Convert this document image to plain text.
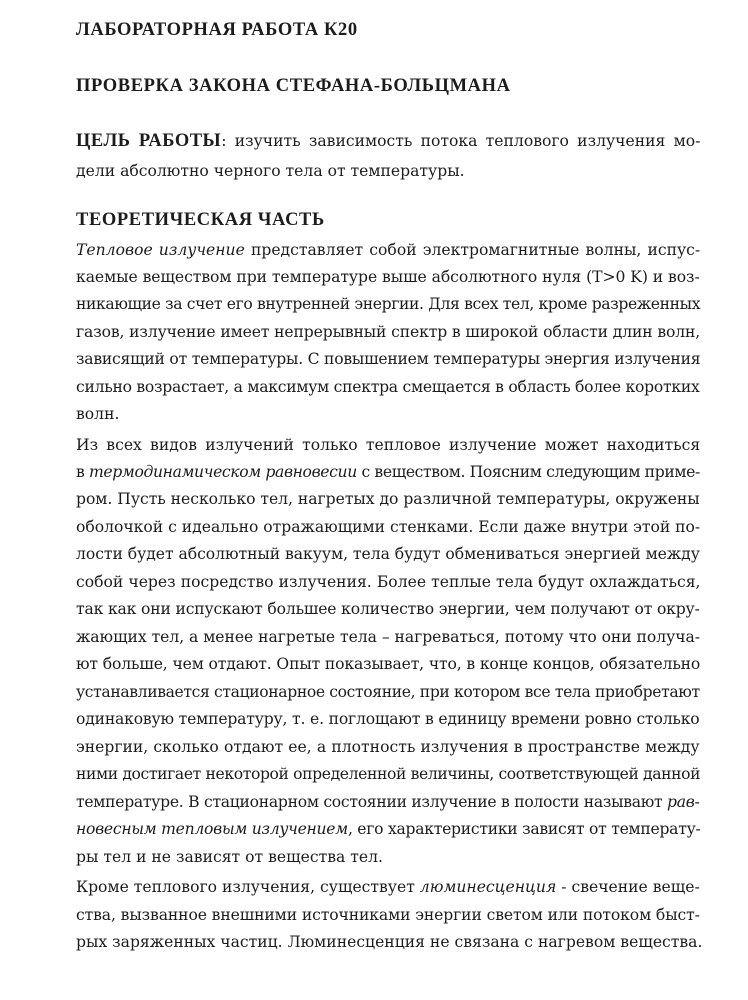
ЛАБОРАТОРНАЯ РАБОТА К20
ПРОВЕРКА ЗАКОНА СТЕФАНА-БОЛЬЦМАНА

ЦЕЛЬ РАБОТЫ: изучить зависимость потока теплового излучения мо-

дели абсолютно черного тела от температуры.

ТЕОРЕТИЧЕСКАЯ ЧАСТЬ

Тепловое излучение представляет собой электромагнитные волны, испус-

каемые веществом при температуре выше абсолютного нуля (T>0 K) и воз-

никающие за счет его внутренней энергии. Для всех тел, кроме разреженных

газов, излучение имеет непрерывный спектр в широкой области длин волн,

зависящий от температуры. С повышением температуры энергия излучения

сильно возрастает, а максимум спектра смещается в область более коротких

волн.

Из всех видов излучений только тепловое излучение может находиться

в термодинамическом равновесии с веществом. Поясним следующим приме-

ром. Пусть несколько тел, нагретых до различной температуры, окружены

оболочкой с идеально отражающими стенками. Если даже внутри этой по-

лости будет абсолютный вакуум, тела будут обмениваться энергией между

собой через посредство излучения. Более теплые тела будут охлаждаться,

так как они испускают большее количество энергии, чем получают от окру-

жающих тел, а менее нагретые тела – нагреваться, потому что они получа-

ют больше, чем отдают. Опыт показывает, что, в конце концов, обязательно

устанавливается стационарное состояние, при котором все тела приобретают

одинаковую температуру, т. е. поглощают в единицу времени ровно столько

энергии, сколько отдают ее, а плотность излучения в пространстве между

ними достигает некоторой определенной величины, соответствующей данной

температуре. В стационарном состоянии излучение в полости называют рав-

новесным тепловым излучением, его характеристики зависят от температу-

ры тел и не зависят от вещества тел.

Кроме теплового излучения, существует люминесценция - свечение веще-

ства, вызванное внешними источниками энергии светом или потоком быст-

рых заряженных частиц. Люминесценция не связана с нагревом вещества.
